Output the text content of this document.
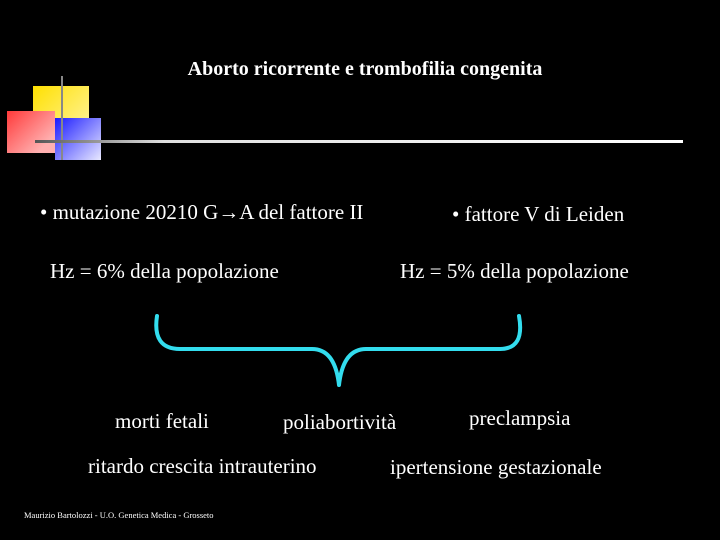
Aborto ricorrente e trombofilia congenita
• mutazione 20210 G→A del fattore II	• fattore V di Leiden
Hz = 6% della popolazione	Hz = 5% della popolazione
morti fetali	poliabortività	preclampsia
ritardo crescita intrauterino	ipertensione gestazionale
Maurizio Bartolozzi - U.O. Genetica Medica - Grosseto
